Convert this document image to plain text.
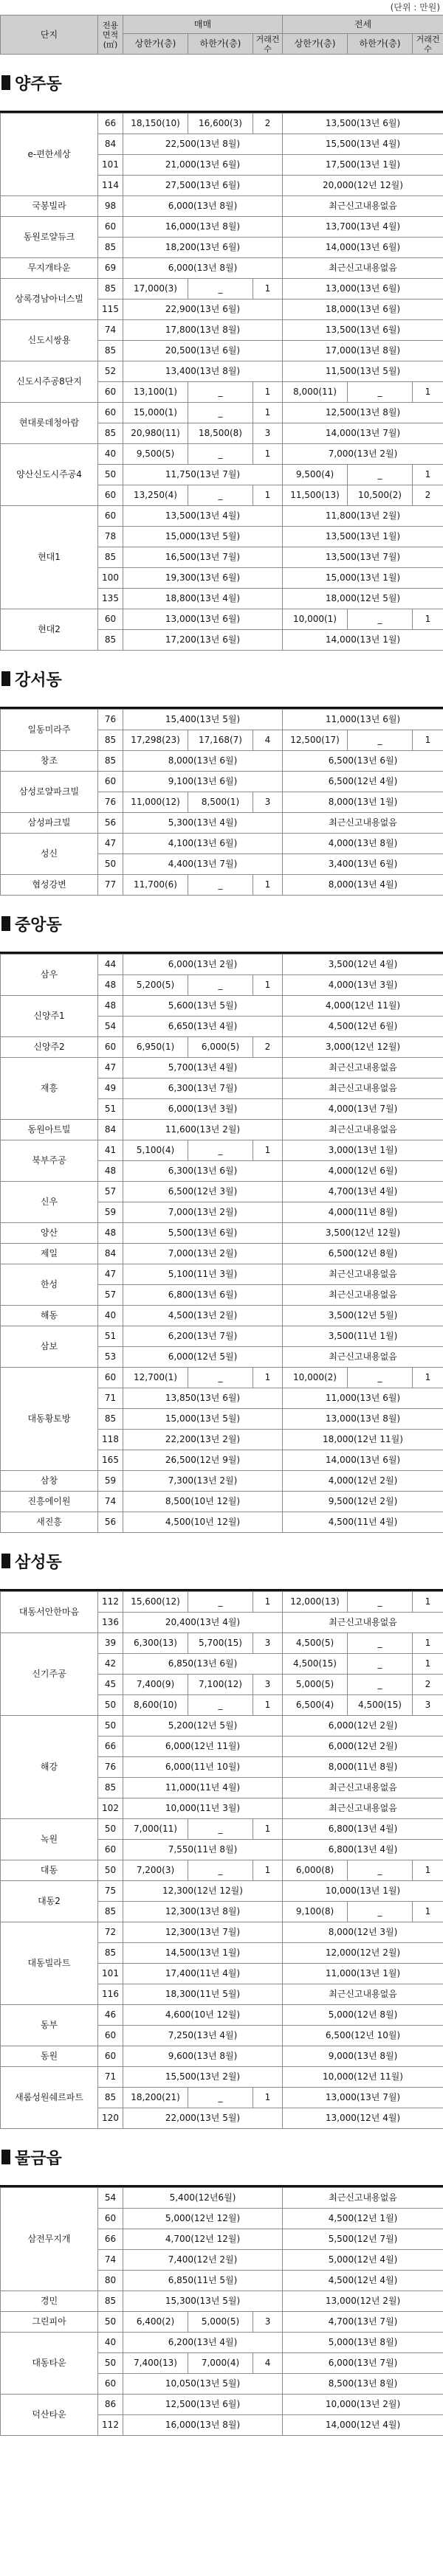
(단위 : 만원)
단지	전용면적(㎡)	매매			전세		
		상한가(층)	하한가(층)	거래건수	상한가(층)	하한가(층)	거래건수
양주동
e-편한세상	66	18,150(10)	16,600(3)	2	13,500(13년 6월)		
	84	22,500(13년 8월)			15,500(13년 4월)		
	101	21,000(13년 6월)			17,500(13년 1월)		
	114	27,500(13년 6월)			20,000(12년 12월)		
국봉빌라	98	6,000(13년 8월)			최근신고내용없음		
동원로얄듀크	60	16,000(13년 8월)			13,700(13년 4월)		
	85	18,200(13년 6월)			14,000(13년 6월)		
무지개타운	69	6,000(13년 8월)			최근신고내용없음		
상록경남아너스빌	85	17,000(3)	_	1	13,000(13년 6월)		
	115	22,900(13년 6월)			18,000(13년 6월)		
신도시쌍용	74	17,800(13년 8월)			13,500(13년 6월)		
	85	20,500(13년 6월)			17,000(13년 8월)		
신도시주공8단지	52	13,400(13년 8월)			11,500(13년 5월)		
	60	13,100(1)	_	1	8,000(11)	_	1
현대롯데청아람	60	15,000(1)	_	1	12,500(13년 8월)		
	85	20,980(11)	18,500(8)	3	14,000(13년 7월)		
양산신도시주공4	40	9,500(5)	_	1	7,000(13년 2월)		
	50	11,750(13년 7월)			9,500(4)	_	1
	60	13,250(4)	_	1	11,500(13)	10,500(2)	2
현대1	60	13,500(13년 4월)			11,800(13년 2월)		
	78	15,000(13년 5월)			13,500(13년 1월)		
	85	16,500(13년 7월)			13,500(13년 7월)		
	100	19,300(13년 6월)			15,000(13년 1월)		
	135	18,800(13년 4월)			18,000(12년 5월)		
현대2	60	13,000(13년 6월)			10,000(1)	_	1
	85	17,200(13년 6월)			14,000(13년 1월)		
강서동
일동미라주	76	15,400(13년 5월)			11,000(13년 6월)		
	85	17,298(23)	17,168(7)	4	12,500(17)	_	1
창조	85	8,000(13년 6월)			6,500(13년 6월)		
삼성로얄파크빌	60	9,100(13년 6월)			6,500(12년 4월)		
	76	11,000(12)	8,500(1)	3	8,000(13년 1월)		
삼성파크빌	56	5,300(13년 4월)			최근신고내용없음		
성신	47	4,100(13년 6월)			4,000(13년 8월)		
	50	4,400(13년 7월)			3,400(13년 6월)		
협성강변	77	11,700(6)	_	1	8,000(13년 4월)		
중앙동
삼우	44	6,000(13년 2월)			3,500(12년 4월)		
	48	5,200(5)	_	1	4,000(13년 3월)		
신양주1	48	5,600(13년 5월)			4,000(12년 11월)		
	54	6,650(13년 4월)			4,500(12년 6월)		
신양주2	60	6,950(1)	6,000(5)	2	3,000(12년 12월)		
재흥	47	5,700(13년 4월)			최근신고내용없음		
	49	6,300(13년 7월)			최근신고내용없음		
	51	6,000(13년 3월)			4,000(13년 7월)		
동원아트빌	84	11,600(13년 2월)			최근신고내용없음		
북부주공	41	5,100(4)	_	1	3,000(13년 1월)		
	48	6,300(13년 6월)			4,000(12년 6월)		
신우	57	6,500(12년 3월)			4,700(13년 4월)		
	59	7,000(13년 2월)			4,000(11년 8월)		
양산	48	5,500(13년 6월)			3,500(12년 12월)		
제일	84	7,000(13년 2월)			6,500(12년 8월)		
한성	47	5,100(11년 3월)			최근신고내용없음		
	57	6,800(13년 6월)			최근신고내용없음		
해동	40	4,500(13년 2월)			3,500(12년 5월)		
삼보	51	6,200(13년 7월)			3,500(11년 1월)		
	53	6,000(12년 5월)			최근신고내용없음		
대동황토방	60	12,700(1)	_	1	10,000(2)	_	1
	71	13,850(13년 6월)			11,000(13년 6월)		
	85	15,000(13년 5월)			13,000(13년 8월)		
	118	22,200(13년 2월)			18,000(12년 11월)		
	165	26,500(12년 9월)			14,000(13년 6월)		
삼창	59	7,300(13년 2월)			4,000(12년 2월)		
진흥에이원	74	8,500(10년 12월)			9,500(12년 2월)		
새진흥	56	4,500(10년 12월)			4,500(11년 4월)		
삼성동
대동서안한마음	112	15,600(12)	_	1	12,000(13)	_	1
	136	20,400(13년 4월)			최근신고내용없음		
신기주공	39	6,300(13)	5,700(15)	3	4,500(5)	_	1
	42	6,850(13년 6월)			4,500(15)	_	1
	45	7,400(9)	7,100(12)	3	5,000(5)	_	2
	50	8,600(10)	_	1	6,500(4)	4,500(15)	3
해강	50	5,200(12년 5월)			6,000(12년 2월)		
	66	6,000(12년 11월)			6,000(12년 2월)		
	76	6,000(11년 10월)			8,000(11년 8월)		
	85	11,000(11년 4월)			최근신고내용없음		
	102	10,000(11년 3월)			최근신고내용없음		
녹원	50	7,000(11)	_	1	6,800(13년 4월)		
	60	7,550(11년 8월)			6,800(13년 4월)		
대동	50	7,200(3)	_	1	6,000(8)	_	1
대동2	75	12,300(12년 12월)			10,000(13년 1월)		
	85	12,300(13년 8월)			9,100(8)	_	1
대동빌라트	72	12,300(13년 7월)			8,000(12년 3월)		
	85	14,500(13년 1월)			12,000(12년 2월)		
	101	17,400(11년 4월)			11,000(13년 1월)		
	116	18,300(11년 5월)			최근신고내용없음		
동부	46	4,600(10년 12월)			5,000(12년 8월)		
	60	7,250(13년 4월)			6,500(12년 10월)		
동원	60	9,600(13년 8월)			9,000(13년 8월)		
새롬성원쉐르파트	71	15,500(13년 2월)			10,000(12년 11월)		
	85	18,200(21)	_	1	13,000(13년 7월)		
	120	22,000(13년 5월)			13,000(12년 4월)		
물금읍
삼전무지개	54	5,400(12년6월)			최근신고내용없음
	60	5,000(12년 12월)			4,500(12년 1월)
	66	4,700(12년 12월)			5,500(12년 7월)
	74	7,400(12년 2월)			5,000(12년 4월)
	80	6,850(11년 5월)			4,500(12년 4월)
경민	85	15,300(13년 5월)			13,000(12년 2월)
그린피아	50	6,400(2)	5,000(5)	3	4,700(13년 7월)
대동타운	40	6,200(13년 4월)			5,000(13년 8월)
	50	7,400(13)	7,000(4)	4	6,000(13년 7월)
	60	10,050(13년 5월)			8,500(13년 8월)
덕산타운	86	12,500(13년 6월)			10,000(13년 2월)
	112	16,000(13년 8월)			14,000(12년 4월)
